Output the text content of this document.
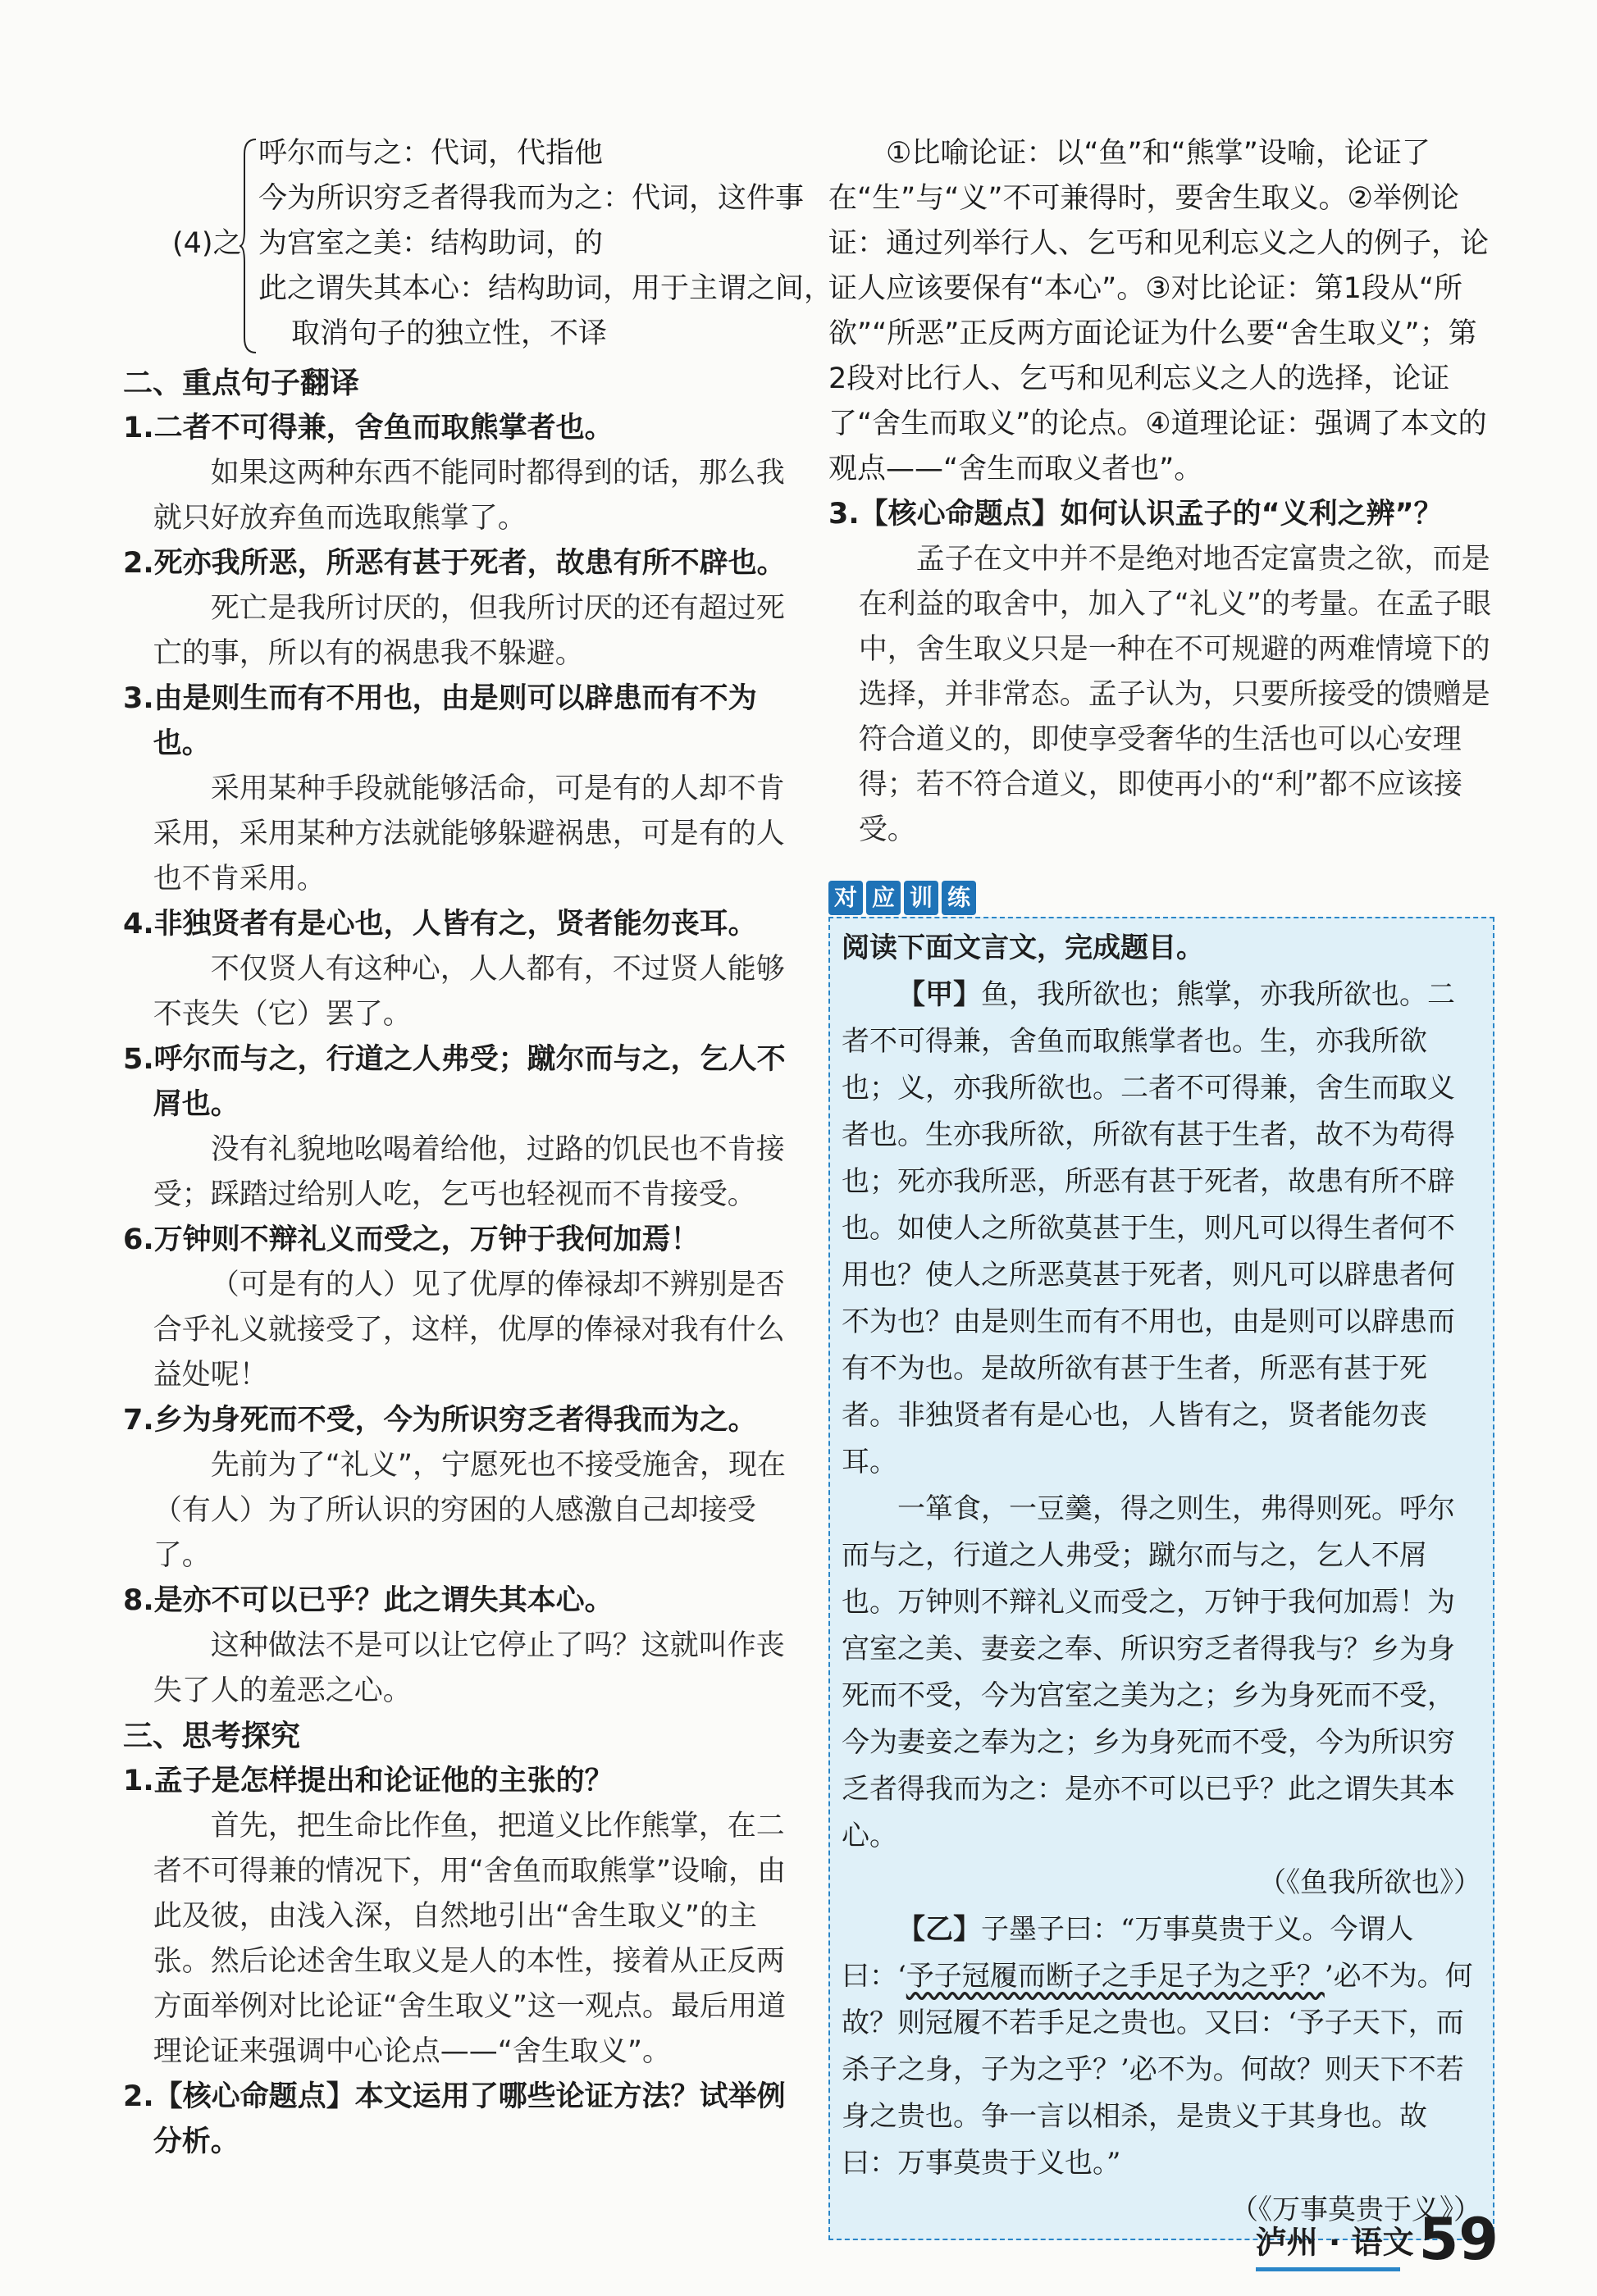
(4)之

呼尔而与之：代词，代指他

今为所识穷乏者得我而为之：代词，这件事

为宫室之美：结构助词，的

此之谓失其本心：结构助词，用于主谓之间，

取消句子的独立性，不译

二、重点句子翻译

1.二者不可得兼，舍鱼而取熊掌者也。

如果这两种东西不能同时都得到的话，那么我就只好放弃鱼而选取熊掌了。

2.死亦我所恶，所恶有甚于死者，故患有所不辟也。

死亡是我所讨厌的，但我所讨厌的还有超过死亡的事，所以有的祸患我不躲避。

3.由是则生而有不用也，由是则可以辟患而有不为也。

采用某种手段就能够活命，可是有的人却不肯采用，采用某种方法就能够躲避祸患，可是有的人也不肯采用。

4.非独贤者有是心也，人皆有之，贤者能勿丧耳。

不仅贤人有这种心，人人都有，不过贤人能够不丧失（它）罢了。

5.呼尔而与之，行道之人弗受；蹴尔而与之，乞人不屑也。

没有礼貌地吆喝着给他，过路的饥民也不肯接受；踩踏过给别人吃，乞丐也轻视而不肯接受。

6.万钟则不辩礼义而受之，万钟于我何加焉！

（可是有的人）见了优厚的俸禄却不辨别是否合乎礼义就接受了，这样，优厚的俸禄对我有什么益处呢！

7.乡为身死而不受，今为所识穷乏者得我而为之。

先前为了“礼义”，宁愿死也不接受施舍，现在（有人）为了所认识的穷困的人感激自己却接受了。

8.是亦不可以已乎？此之谓失其本心。

这种做法不是可以让它停止了吗？这就叫作丧失了人的羞恶之心。

三、思考探究

1.孟子是怎样提出和论证他的主张的？

首先，把生命比作鱼，把道义比作熊掌，在二者不可得兼的情况下，用“舍鱼而取熊掌”设喻，由此及彼，由浅入深，自然地引出“舍生取义”的主张。然后论述舍生取义是人的本性，接着从正反两方面举例对比论证“舍生取义”这一观点。最后用道理论证来强调中心论点——“舍生取义”。

2.【核心命题点】本文运用了哪些论证方法？试举例分析。

①比喻论证：以“鱼”和“熊掌”设喻，论证了在“生”与“义”不可兼得时，要舍生取义。②举例论证：通过列举行人、乞丐和见利忘义之人的例子，论证人应该要保有“本心”。③对比论证：第1段从“所欲”“所恶”正反两方面论证为什么要“舍生取义”；第2段对比行人、乞丐和见利忘义之人的选择，论证了“舍生而取义”的论点。④道理论证：强调了本文的观点——“舍生而取义者也”。

3.【核心命题点】如何认识孟子的“义利之辨”？

孟子在文中并不是绝对地否定富贵之欲，而是在利益的取舍中，加入了“礼义”的考量。在孟子眼中，舍生取义只是一种在不可规避的两难情境下的选择，并非常态。孟子认为，只要所接受的馈赠是符合道义的，即使享受奢华的生活也可以心安理得；若不符合道义，即使再小的“利”都不应该接受。

对 应 训 练

阅读下面文言文，完成题目。

【甲】鱼，我所欲也；熊掌，亦我所欲也。二者不可得兼，舍鱼而取熊掌者也。生，亦我所欲也；义，亦我所欲也。二者不可得兼，舍生而取义者也。生亦我所欲，所欲有甚于生者，故不为苟得也；死亦我所恶，所恶有甚于死者，故患有所不辟也。如使人之所欲莫甚于生，则凡可以得生者何不用也？使人之所恶莫甚于死者，则凡可以辟患者何不为也？由是则生而有不用也，由是则可以辟患而有不为也。是故所欲有甚于生者，所恶有甚于死者。非独贤者有是心也，人皆有之，贤者能勿丧耳。

一箪食，一豆羹，得之则生，弗得则死。呼尔而与之，行道之人弗受；蹴尔而与之，乞人不屑也。万钟则不辩礼义而受之，万钟于我何加焉！为宫室之美、妻妾之奉、所识穷乏者得我与？乡为身死而不受，今为宫室之美为之；乡为身死而不受，今为妻妾之奉为之；乡为身死而不受，今为所识穷乏者得我而为之：是亦不可以已乎？此之谓失其本心。

（《鱼我所欲也》）

【乙】子墨子曰：“万事莫贵于义。今谓人曰：‘予子冠履而断子之手足子为之乎？’必不为。何故？则冠履不若手足之贵也。又曰：‘予子天下，而杀子之身，子为之乎？’必不为。何故？则天下不若身之贵也。争一言以相杀，是贵义于其身也。故曰：万事莫贵于义也。”

（《万事莫贵于义》）

泸州 · 语文59
